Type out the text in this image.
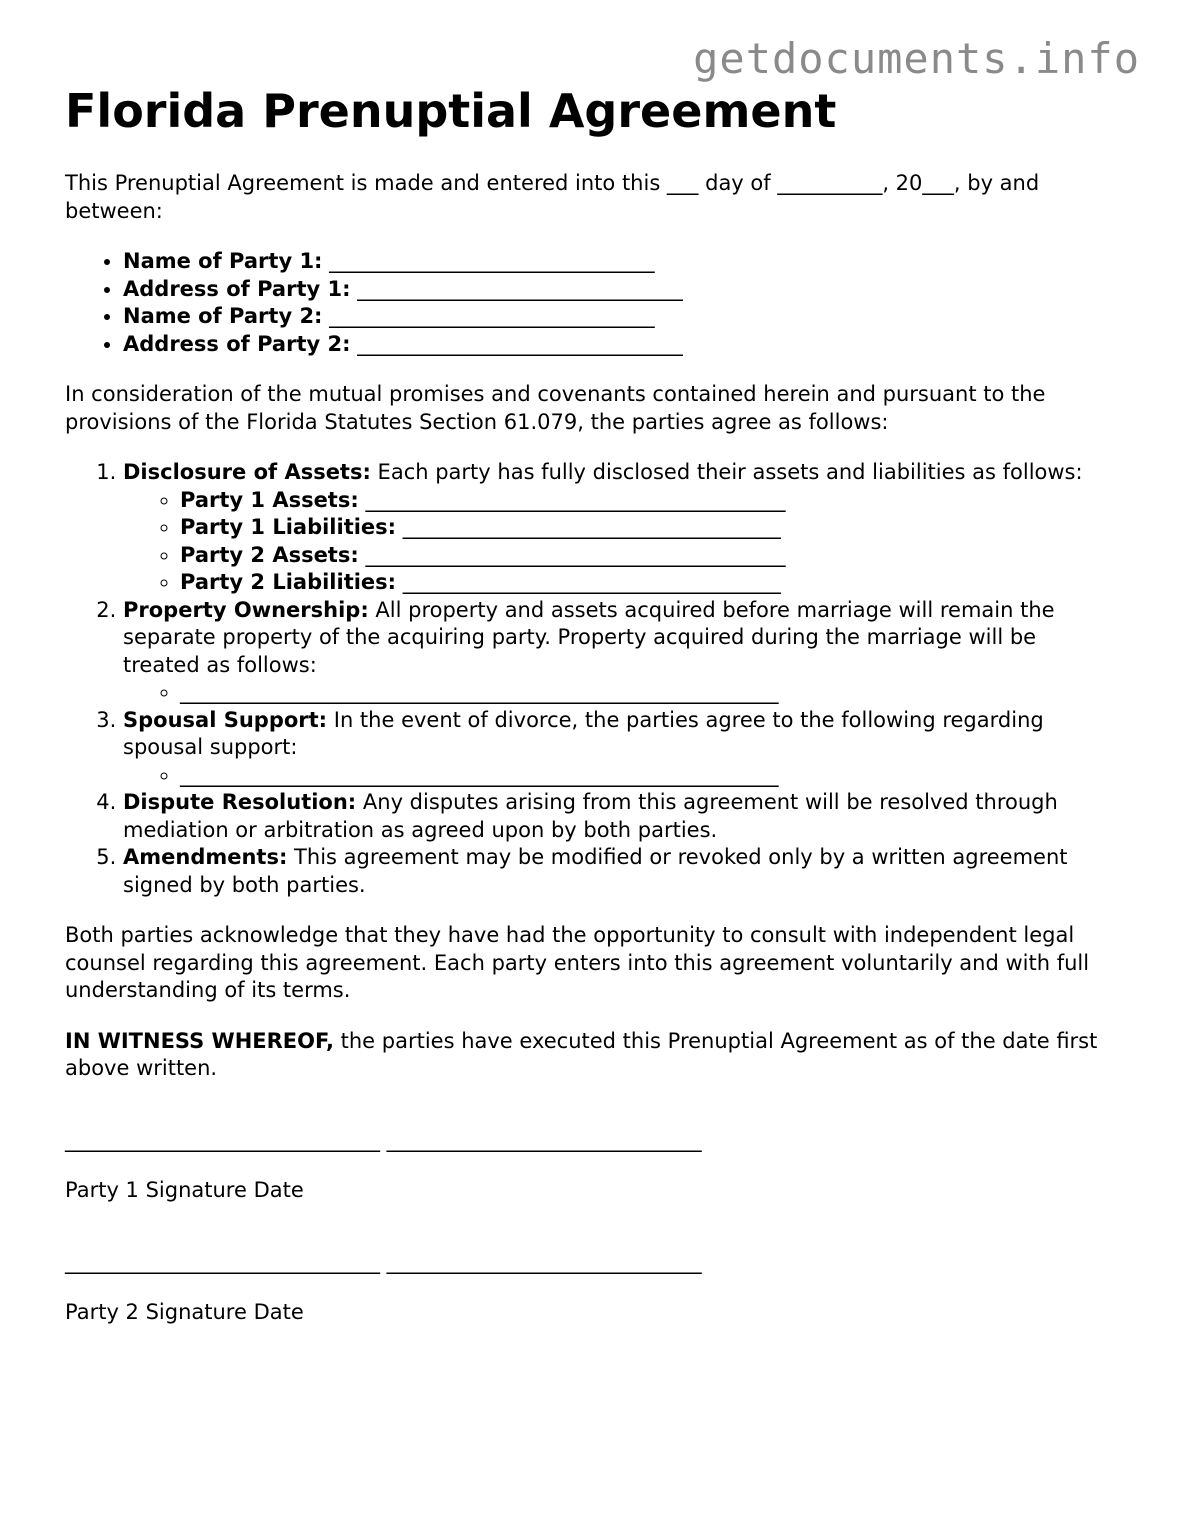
getdocuments.info
Florida Prenuptial Agreement

This Prenuptial Agreement is made and entered into this ___ day of __________, 20___, by and between:

• Name of Party 1: _______________________________
• Address of Party 1: _______________________________
• Name of Party 2: _______________________________
• Address of Party 2: _______________________________

In consideration of the mutual promises and covenants contained herein and pursuant to the provisions of the Florida Statutes Section 61.079, the parties agree as follows:

1. Disclosure of Assets: Each party has fully disclosed their assets and liabilities as follows:
◦ Party 1 Assets: ________________________________________
◦ Party 1 Liabilities: ____________________________________
◦ Party 2 Assets: ________________________________________
◦ Party 2 Liabilities: ____________________________________
2. Property Ownership: All property and assets acquired before marriage will remain the separate property of the acquiring party. Property acquired during the marriage will be treated as follows:
◦ _________________________________________________________
3. Spousal Support: In the event of divorce, the parties agree to the following regarding spousal support:
◦ _________________________________________________________
4. Dispute Resolution: Any disputes arising from this agreement will be resolved through mediation or arbitration as agreed upon by both parties.
5. Amendments: This agreement may be modified or revoked only by a written agreement signed by both parties.

Both parties acknowledge that they have had the opportunity to consult with independent legal counsel regarding this agreement. Each party enters into this agreement voluntarily and with full understanding of its terms.

IN WITNESS WHEREOF, the parties have executed this Prenuptial Agreement as of the date first above written.

______________________________ ______________________________

Party 1 Signature Date

______________________________ ______________________________

Party 2 Signature Date
